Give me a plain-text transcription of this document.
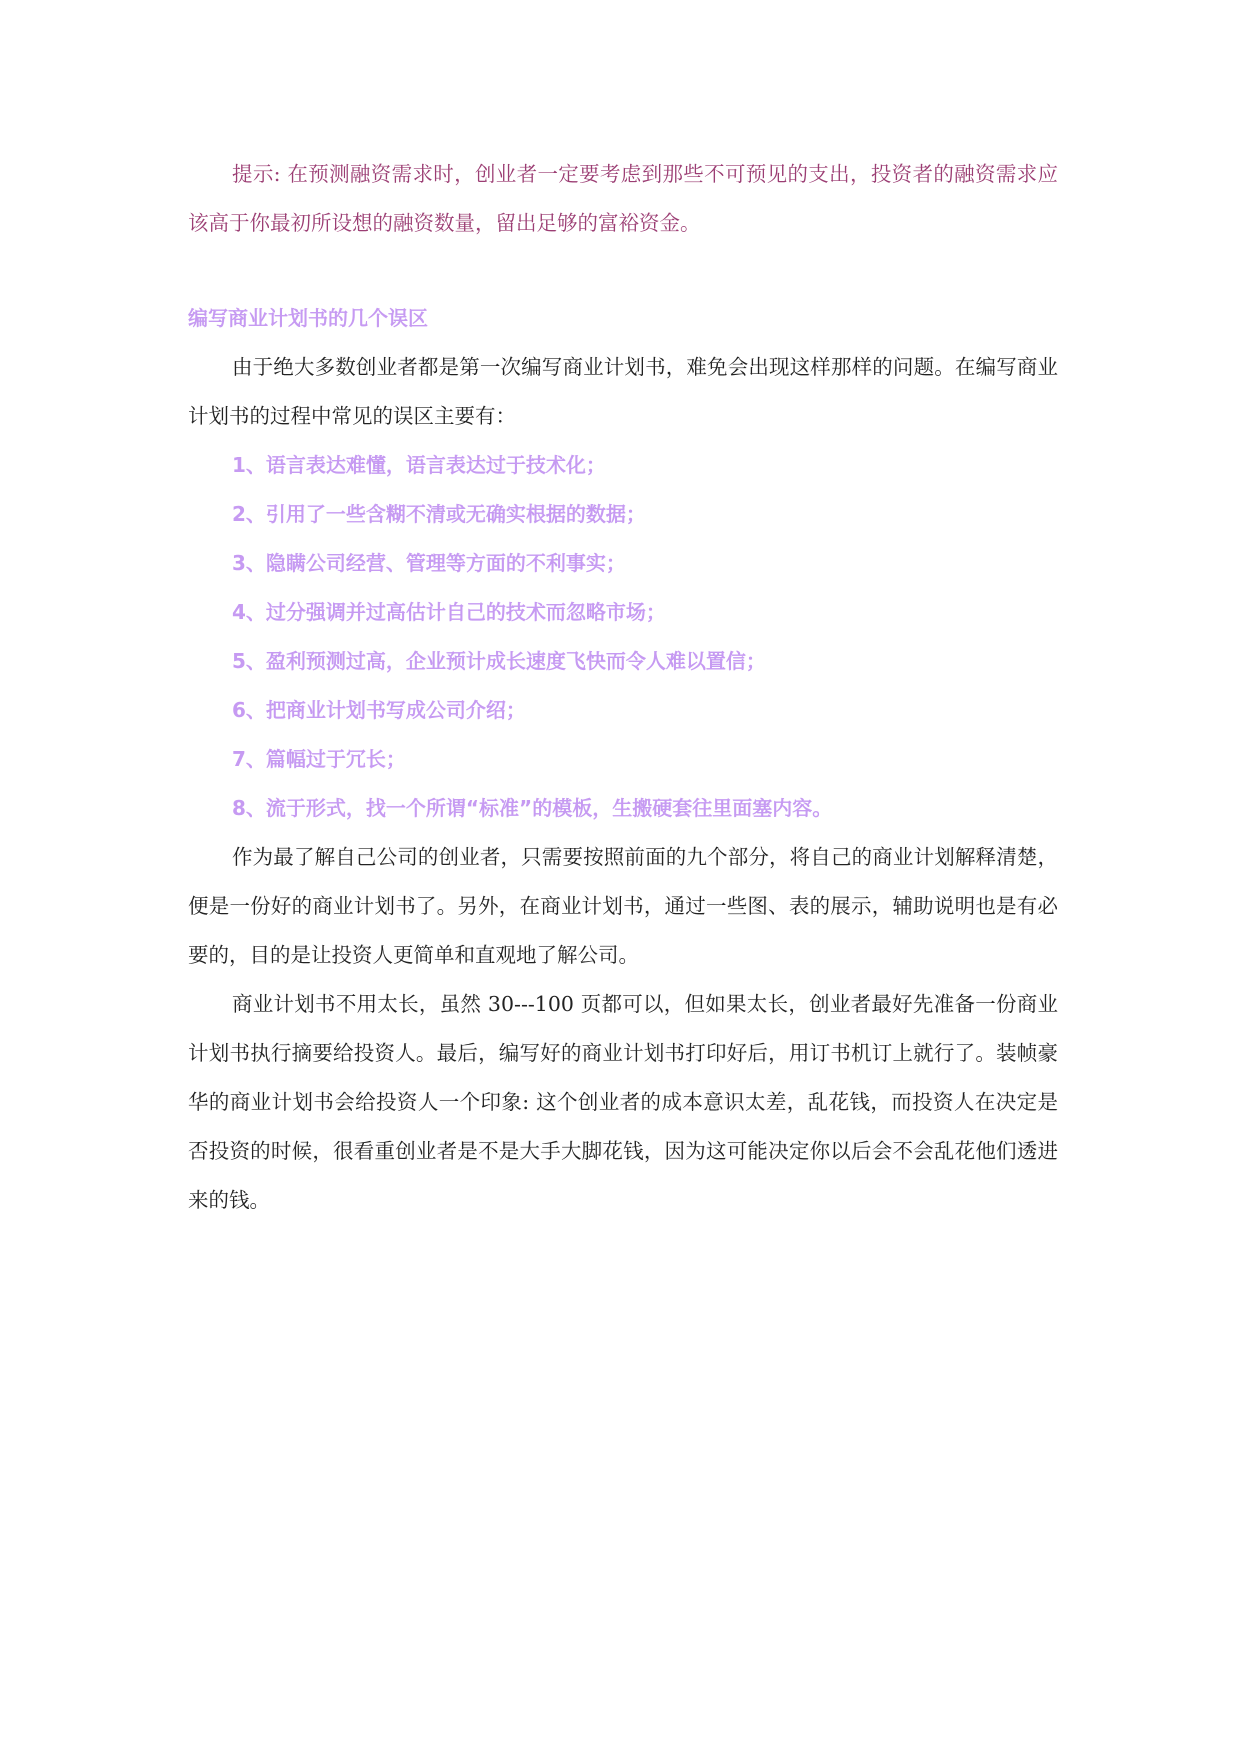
提示: 在预测融资需求时，创业者一定要考虑到那些不可预见的支出，投资者的融资需求应该高于你最初所设想的融资数量，留出足够的富裕资金。

编写商业计划书的几个误区

由于绝大多数创业者都是第一次编写商业计划书，难免会出现这样那样的问题。在编写商业计划书的过程中常见的误区主要有：

1、语言表达难懂，语言表达过于技术化；
2、引用了一些含糊不清或无确实根据的数据；
3、隐瞒公司经营、管理等方面的不利事实；
4、过分强调并过高估计自己的技术而忽略市场；
5、盈利预测过高，企业预计成长速度飞快而令人难以置信；
6、把商业计划书写成公司介绍；
7、篇幅过于冗长；
8、流于形式，找一个所谓“标准”的模板，生搬硬套往里面塞内容。

作为最了解自己公司的创业者，只需要按照前面的九个部分，将自己的商业计划解释清楚，便是一份好的商业计划书了。另外，在商业计划书，通过一些图、表的展示，辅助说明也是有必要的，目的是让投资人更简单和直观地了解公司。

商业计划书不用太长，虽然 30---100 页都可以，但如果太长，创业者最好先准备一份商业计划书执行摘要给投资人。最后，编写好的商业计划书打印好后，用订书机订上就行了。装帧豪华的商业计划书会给投资人一个印象: 这个创业者的成本意识太差，乱花钱，而投资人在决定是否投资的时候，很看重创业者是不是大手大脚花钱，因为这可能决定你以后会不会乱花他们透进来的钱。
